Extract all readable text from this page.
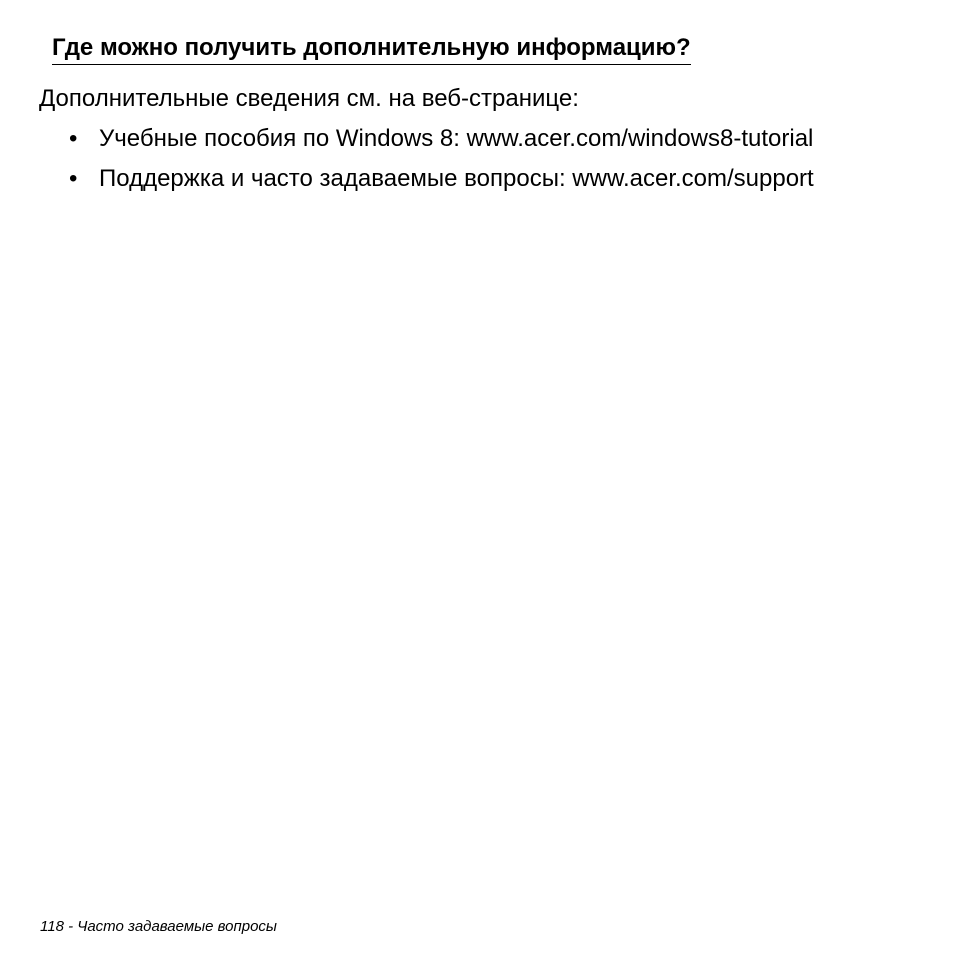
Где можно получить дополнительную информацию?

Дополнительные сведения см. на веб-странице:

• Учебные пособия по Windows 8: www.acer.com/windows8-tutorial
• Поддержка и часто задаваемые вопросы: www.acer.com/support

118 - Часто задаваемые вопросы
